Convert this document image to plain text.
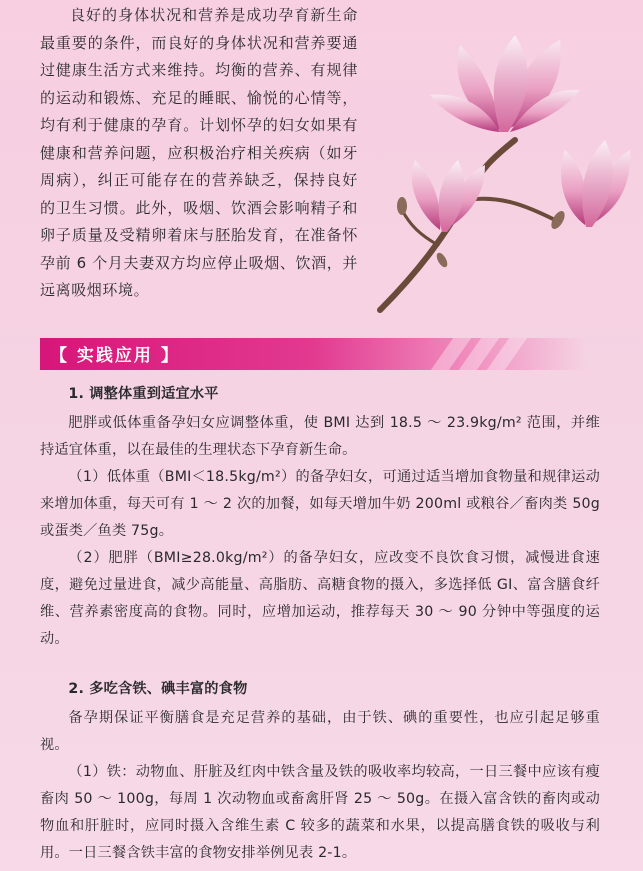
良好的身体状况和营养是成功孕育新生命最重要的条件，而良好的身体状况和营养要通过健康生活方式来维持。均衡的营养、有规律的运动和锻炼、充足的睡眠、愉悦的心情等，均有利于健康的孕育。计划怀孕的妇女如果有健康和营养问题，应积极治疗相关疾病（如牙周病），纠正可能存在的营养缺乏，保持良好的卫生习惯。此外，吸烟、饮酒会影响精子和卵子质量及受精卵着床与胚胎发育，在准备怀孕前 6 个月夫妻双方均应停止吸烟、饮酒，并远离吸烟环境。

【 实践应用 】
1. 调整体重到适宜水平

肥胖或低体重备孕妇女应调整体重，使 BMI 达到 18.5 ～ 23.9kg/m² 范围，并维持适宜体重，以在最佳的生理状态下孕育新生命。

（1）低体重（BMI＜18.5kg/m²）的备孕妇女，可通过适当增加食物量和规律运动来增加体重，每天可有 1 ～ 2 次的加餐，如每天增加牛奶 200ml 或粮谷／畜肉类 50g 或蛋类／鱼类 75g。

（2）肥胖（BMI≥28.0kg/m²）的备孕妇女，应改变不良饮食习惯，减慢进食速度，避免过量进食，减少高能量、高脂肪、高糖食物的摄入，多选择低 GI、富含膳食纤维、营养素密度高的食物。同时，应增加运动，推荐每天 30 ～ 90 分钟中等强度的运动。

2. 多吃含铁、碘丰富的食物

备孕期保证平衡膳食是充足营养的基础，由于铁、碘的重要性，也应引起足够重视。

（1）铁：动物血、肝脏及红肉中铁含量及铁的吸收率均较高，一日三餐中应该有瘦畜肉 50 ～ 100g，每周 1 次动物血或畜禽肝肾 25 ～ 50g。在摄入富含铁的畜肉或动物血和肝脏时，应同时摄入含维生素 C 较多的蔬菜和水果，以提高膳食铁的吸收与利用。一日三餐含铁丰富的食物安排举例见表 2-1。
